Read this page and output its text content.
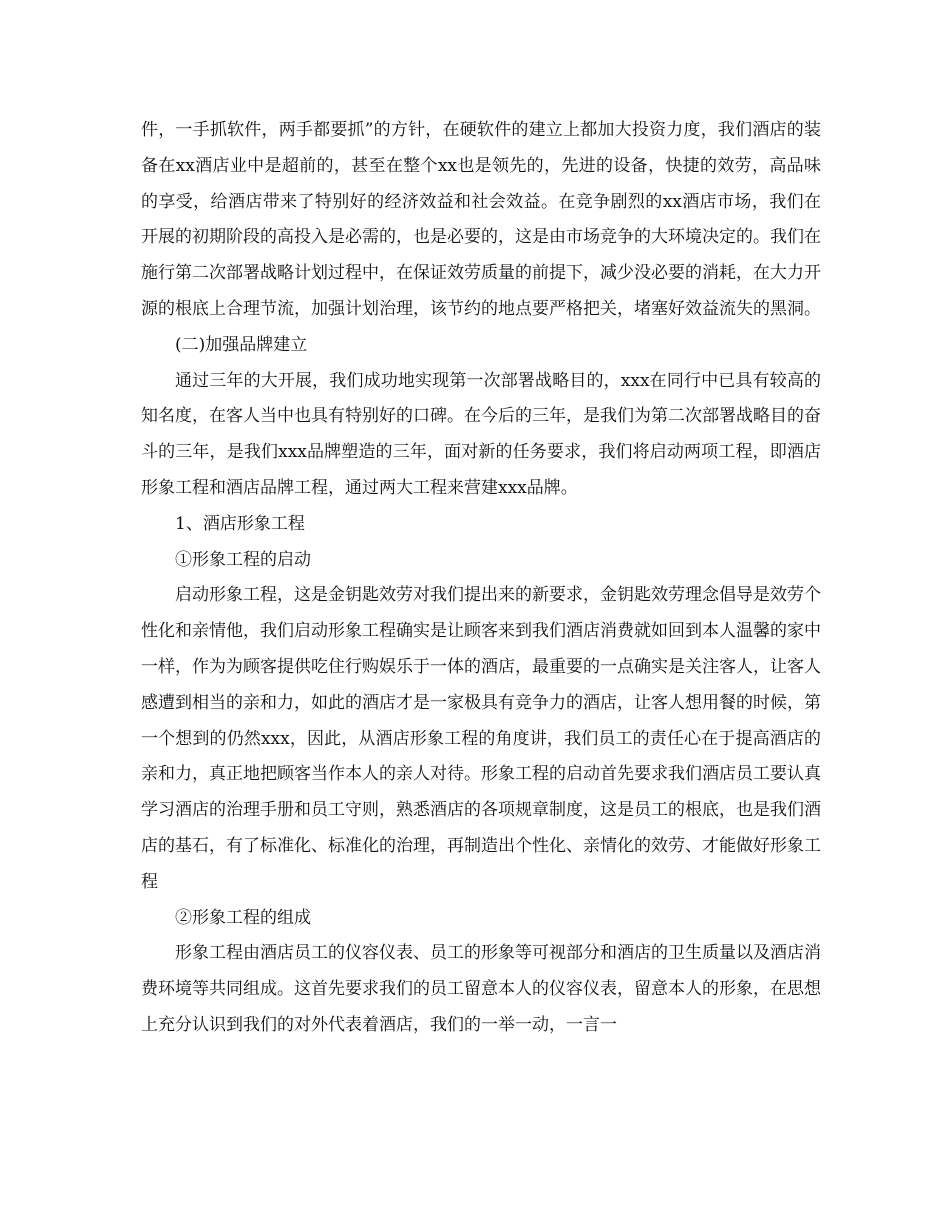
件，一手抓软件，两手都要抓”的方针，在硬软件的建立上都加大投资力度，我们酒店的装备在xx酒店业中是超前的，甚至在整个xx也是领先的，先进的设备，快捷的效劳，高品味的享受，给酒店带来了特别好的经济效益和社会效益。在竞争剧烈的xx酒店市场，我们在开展的初期阶段的高投入是必需的，也是必要的，这是由市场竞争的大环境决定的。我们在施行第二次部署战略计划过程中，在保证效劳质量的前提下，减少没必要的消耗，在大力开源的根底上合理节流，加强计划治理，该节约的地点要严格把关，堵塞好效益流失的黑洞。

(二)加强品牌建立

通过三年的大开展，我们成功地实现第一次部署战略目的，xxx在同行中已具有较高的知名度，在客人当中也具有特别好的口碑。在今后的三年，是我们为第二次部署战略目的奋斗的三年，是我们xxx品牌塑造的三年，面对新的任务要求，我们将启动两项工程，即酒店形象工程和酒店品牌工程，通过两大工程来营建xxx品牌。

1、酒店形象工程

①形象工程的启动

启动形象工程，这是金钥匙效劳对我们提出来的新要求，金钥匙效劳理念倡导是效劳个性化和亲情他，我们启动形象工程确实是让顾客来到我们酒店消费就如回到本人温馨的家中一样，作为为顾客提供吃住行购娱乐于一体的酒店，最重要的一点确实是关注客人，让客人感遭到相当的亲和力，如此的酒店才是一家极具有竞争力的酒店，让客人想用餐的时候，第一个想到的仍然xxx，因此，从酒店形象工程的角度讲，我们员工的责任心在于提高酒店的亲和力，真正地把顾客当作本人的亲人对待。形象工程的启动首先要求我们酒店员工要认真学习酒店的治理手册和员工守则，熟悉酒店的各项规章制度，这是员工的根底，也是我们酒店的基石，有了标准化、标准化的治理，再制造出个性化、亲情化的效劳、才能做好形象工程

②形象工程的组成

形象工程由酒店员工的仪容仪表、员工的形象等可视部分和酒店的卫生质量以及酒店消费环境等共同组成。这首先要求我们的员工留意本人的仪容仪表，留意本人的形象，在思想上充分认识到我们的对外代表着酒店，我们的一举一动，一言一
